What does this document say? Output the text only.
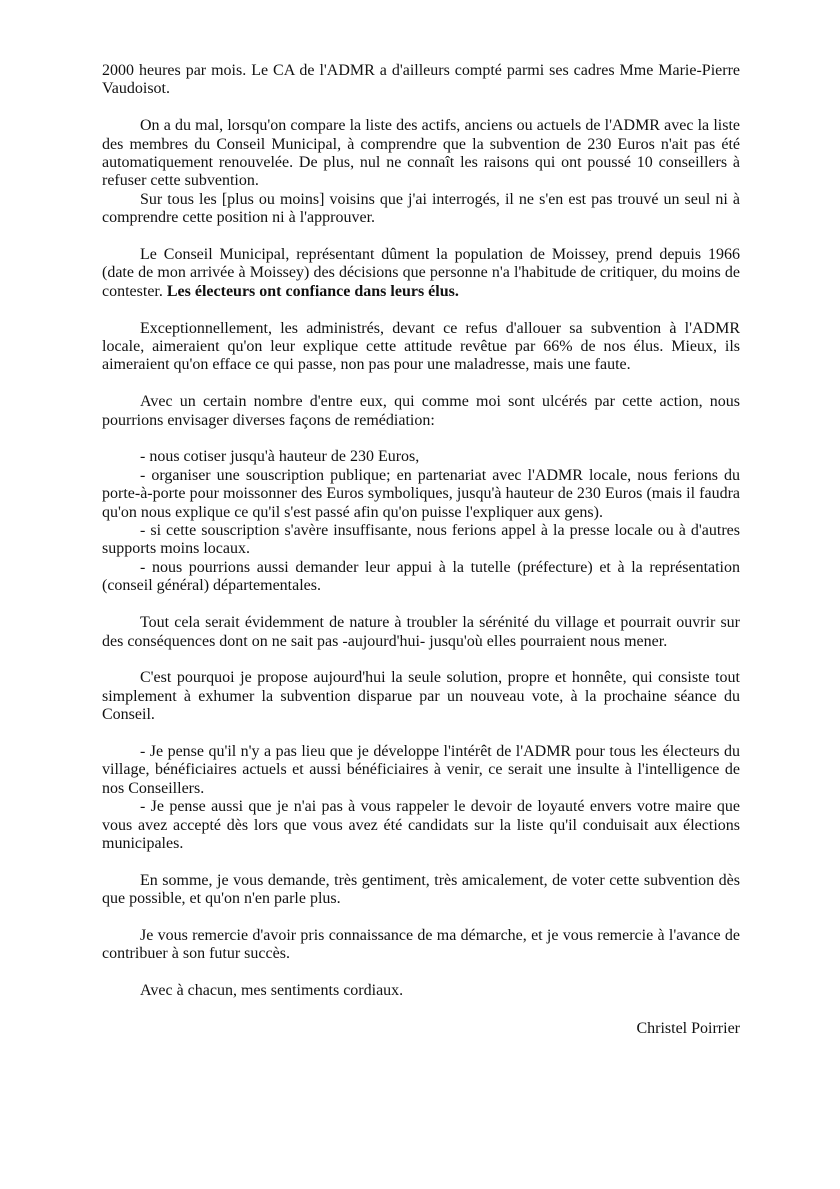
2000 heures par mois. Le CA de l'ADMR a d'ailleurs compté parmi ses cadres Mme Marie-Pierre Vaudoisot.

On a du mal, lorsqu'on compare la liste des actifs, anciens ou actuels de l'ADMR avec la liste des membres du Conseil Municipal, à comprendre que la subvention de 230 Euros n'ait pas été automatiquement renouvelée. De plus, nul ne connaît les raisons qui ont poussé 10 conseillers à refuser cette subvention.

Sur tous les [plus ou moins] voisins que j'ai interrogés, il ne s'en est pas trouvé un seul ni à comprendre cette position ni à l'approuver.

Le Conseil Municipal, représentant dûment la population de Moissey, prend depuis 1966 (date de mon arrivée à Moissey) des décisions que personne n'a l'habitude de critiquer, du moins de contester. Les électeurs ont confiance dans leurs élus.

Exceptionnellement, les administrés, devant ce refus d'allouer sa subvention à l'ADMR locale, aimeraient qu'on leur explique cette attitude revêtue par 66% de nos élus. Mieux, ils aimeraient qu'on efface ce qui passe, non pas pour une maladresse, mais une faute.

Avec un certain nombre d'entre eux, qui comme moi sont ulcérés par cette action, nous pourrions envisager diverses façons de remédiation:

- nous cotiser jusqu'à hauteur de 230 Euros,

- organiser une souscription publique; en partenariat avec l'ADMR locale, nous ferions du porte-à-porte pour moissonner des Euros symboliques, jusqu'à hauteur de 230 Euros (mais il faudra qu'on nous explique ce qu'il s'est passé afin qu'on puisse l'expliquer aux gens).

- si cette souscription s'avère insuffisante, nous ferions appel à la presse locale ou à d'autres supports moins locaux.

- nous pourrions aussi demander leur appui à la tutelle (préfecture) et à la représentation (conseil général) départementales.

Tout cela serait évidemment de nature à troubler la sérénité du village et pourrait ouvrir sur des conséquences dont on ne sait pas -aujourd'hui- jusqu'où elles pourraient nous mener.

C'est pourquoi je propose aujourd'hui la seule solution, propre et honnête, qui consiste tout simplement à exhumer la subvention disparue par un nouveau vote, à la prochaine séance du Conseil.

- Je pense qu'il n'y a pas lieu que je développe l'intérêt de l'ADMR pour tous les électeurs du village, bénéficiaires actuels et aussi bénéficiaires à venir, ce serait une insulte à l'intelligence de nos Conseillers.

- Je pense aussi que je n'ai pas à vous rappeler le devoir de loyauté envers votre maire que vous avez accepté dès lors que vous avez été candidats sur la liste qu'il conduisait aux élections municipales.

En somme, je vous demande, très gentiment, très amicalement, de voter cette subvention dès que possible, et qu'on n'en parle plus.

Je vous remercie d'avoir pris connaissance de ma démarche, et je vous remercie à l'avance de contribuer à son futur succès.

Avec à chacun, mes sentiments cordiaux.

Christel Poirrier
